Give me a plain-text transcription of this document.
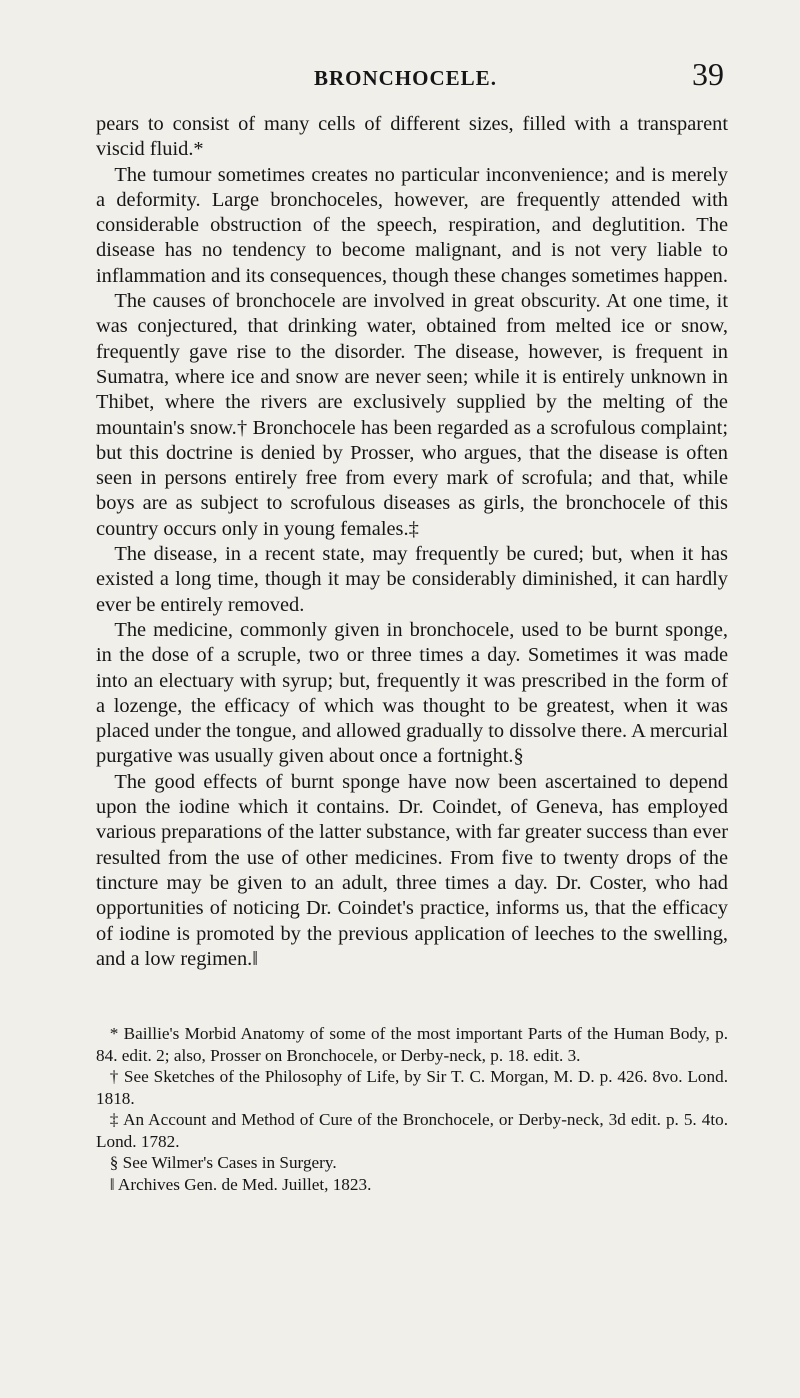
BRONCHOCELE.	39

pears to consist of many cells of different sizes, filled with a transparent viscid fluid.*

The tumour sometimes creates no particular inconvenience; and is merely a deformity. Large bronchoceles, however, are frequently attended with considerable obstruction of the speech, respiration, and deglutition. The disease has no tendency to become malignant, and is not very liable to inflammation and its consequences, though these changes sometimes happen.

The causes of bronchocele are involved in great obscurity. At one time, it was conjectured, that drinking water, obtained from melted ice or snow, frequently gave rise to the disorder. The disease, however, is frequent in Sumatra, where ice and snow are never seen; while it is entirely unknown in Thibet, where the rivers are exclusively supplied by the melting of the mountain's snow.† Bronchocele has been regarded as a scrofulous complaint; but this doctrine is denied by Prosser, who argues, that the disease is often seen in persons entirely free from every mark of scrofula; and that, while boys are as subject to scrofulous diseases as girls, the bronchocele of this country occurs only in young females.‡

The disease, in a recent state, may frequently be cured; but, when it has existed a long time, though it may be considerably diminished, it can hardly ever be entirely removed.

The medicine, commonly given in bronchocele, used to be burnt sponge, in the dose of a scruple, two or three times a day. Sometimes it was made into an electuary with syrup; but, frequently it was prescribed in the form of a lozenge, the efficacy of which was thought to be greatest, when it was placed under the tongue, and allowed gradually to dissolve there. A mercurial purgative was usually given about once a fortnight.§

The good effects of burnt sponge have now been ascertained to depend upon the iodine which it contains. Dr. Coindet, of Geneva, has employed various preparations of the latter substance, with far greater success than ever resulted from the use of other medicines. From five to twenty drops of the tincture may be given to an adult, three times a day. Dr. Coster, who had opportunities of noticing Dr. Coindet's practice, informs us, that the efficacy of iodine is promoted by the previous application of leeches to the swelling, and a low regimen.‖

* Baillie's Morbid Anatomy of some of the most important Parts of the Human Body, p. 84. edit. 2; also, Prosser on Bronchocele, or Derby-neck, p. 18. edit. 3.

† See Sketches of the Philosophy of Life, by Sir T. C. Morgan, M. D. p. 426. 8vo. Lond. 1818.

‡ An Account and Method of Cure of the Bronchocele, or Derby-neck, 3d edit. p. 5. 4to. Lond. 1782.

§ See Wilmer's Cases in Surgery.

‖ Archives Gen. de Med. Juillet, 1823.
